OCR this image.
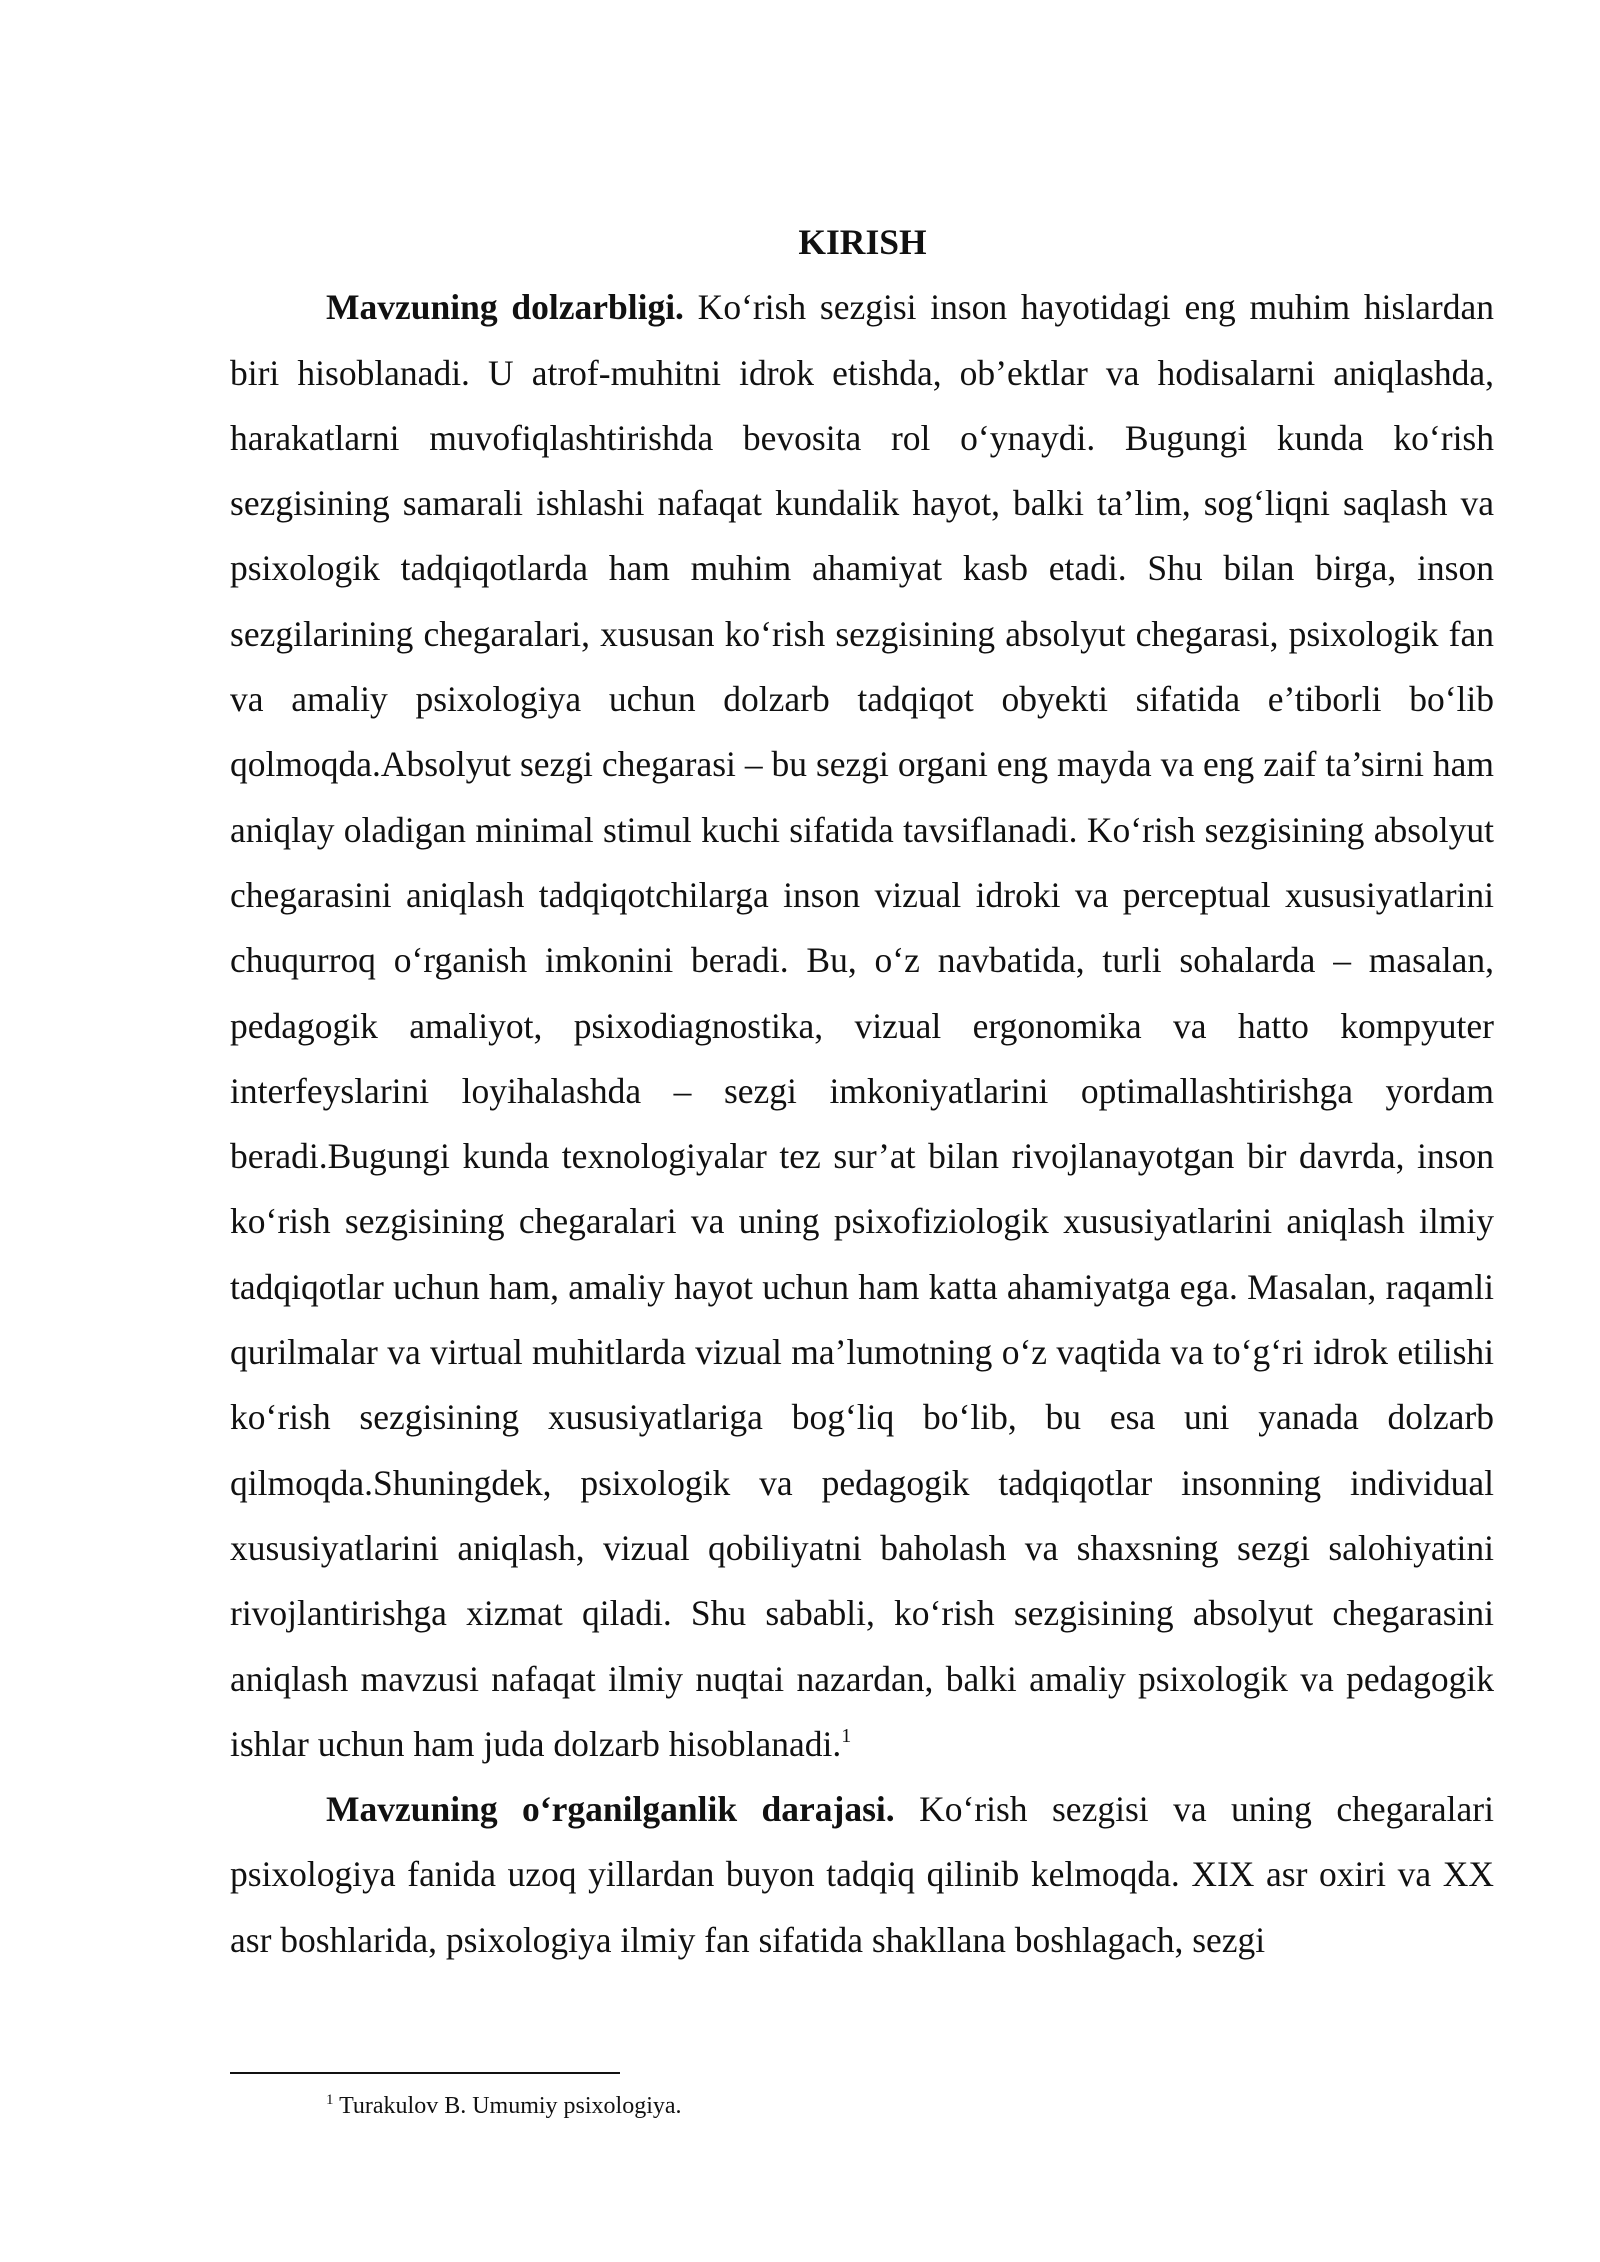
KIRISH

Mavzuning dolzarbligi. Ko‘rish sezgisi inson hayotidagi eng muhim hislardan biri hisoblanadi. U atrof-muhitni idrok etishda, ob’ektlar va hodisalarni aniqlashda, harakatlarni muvofiqlashtirishda bevosita rol o‘ynaydi. Bugungi kunda ko‘rish sezgisining samarali ishlashi nafaqat kundalik hayot, balki ta’lim, sog‘liqni saqlash va psixologik tadqiqotlarda ham muhim ahamiyat kasb etadi. Shu bilan birga, inson sezgilarining chegaralari, xususan ko‘rish sezgisining absolyut chegarasi, psixologik fan va amaliy psixologiya uchun dolzarb tadqiqot obyekti sifatida e’tiborli bo‘lib qolmoqda.Absolyut sezgi chegarasi – bu sezgi organi eng mayda va eng zaif ta’sirni ham aniqlay oladigan minimal stimul kuchi sifatida tavsiflanadi. Ko‘rish sezgisining absolyut chegarasini aniqlash tadqiqotchilarga inson vizual idroki va perceptual xususiyatlarini chuqurroq o‘rganish imkonini beradi. Bu, o‘z navbatida, turli sohalarda – masalan, pedagogik amaliyot, psixodiagnostika, vizual ergonomika va hatto kompyuter interfeyslarini loyihalashda – sezgi imkoniyatlarini optimallashtirishga yordam beradi.Bugungi kunda texnologiyalar tez sur’at bilan rivojlanayotgan bir davrda, inson ko‘rish sezgisining chegaralari va uning psixofiziologik xususiyatlarini aniqlash ilmiy tadqiqotlar uchun ham, amaliy hayot uchun ham katta ahamiyatga ega. Masalan, raqamli qurilmalar va virtual muhitlarda vizual ma’lumotning o‘z vaqtida va to‘g‘ri idrok etilishi ko‘rish sezgisining xususiyatlariga bog‘liq bo‘lib, bu esa uni yanada dolzarb qilmoqda.Shuningdek, psixologik va pedagogik tadqiqotlar insonning individual xususiyatlarini aniqlash, vizual qobiliyatni baholash va shaxsning sezgi salohiyatini rivojlantirishga xizmat qiladi. Shu sababli, ko‘rish sezgisining absolyut chegarasini aniqlash mavzusi nafaqat ilmiy nuqtai nazardan, balki amaliy psixologik va pedagogik ishlar uchun ham juda dolzarb hisoblanadi.$^1$

Mavzuning o‘rganilganlik darajasi. Ko‘rish sezgisi va uning chegaralari psixologiya fanida uzoq yillardan buyon tadqiq qilinib kelmoqda. XIX asr oxiri va XX asr boshlarida, psixologiya ilmiy fan sifatida shakllana boshlagach, sezgi

$^1$ Turakulov B. Umumiy psixologiya.
